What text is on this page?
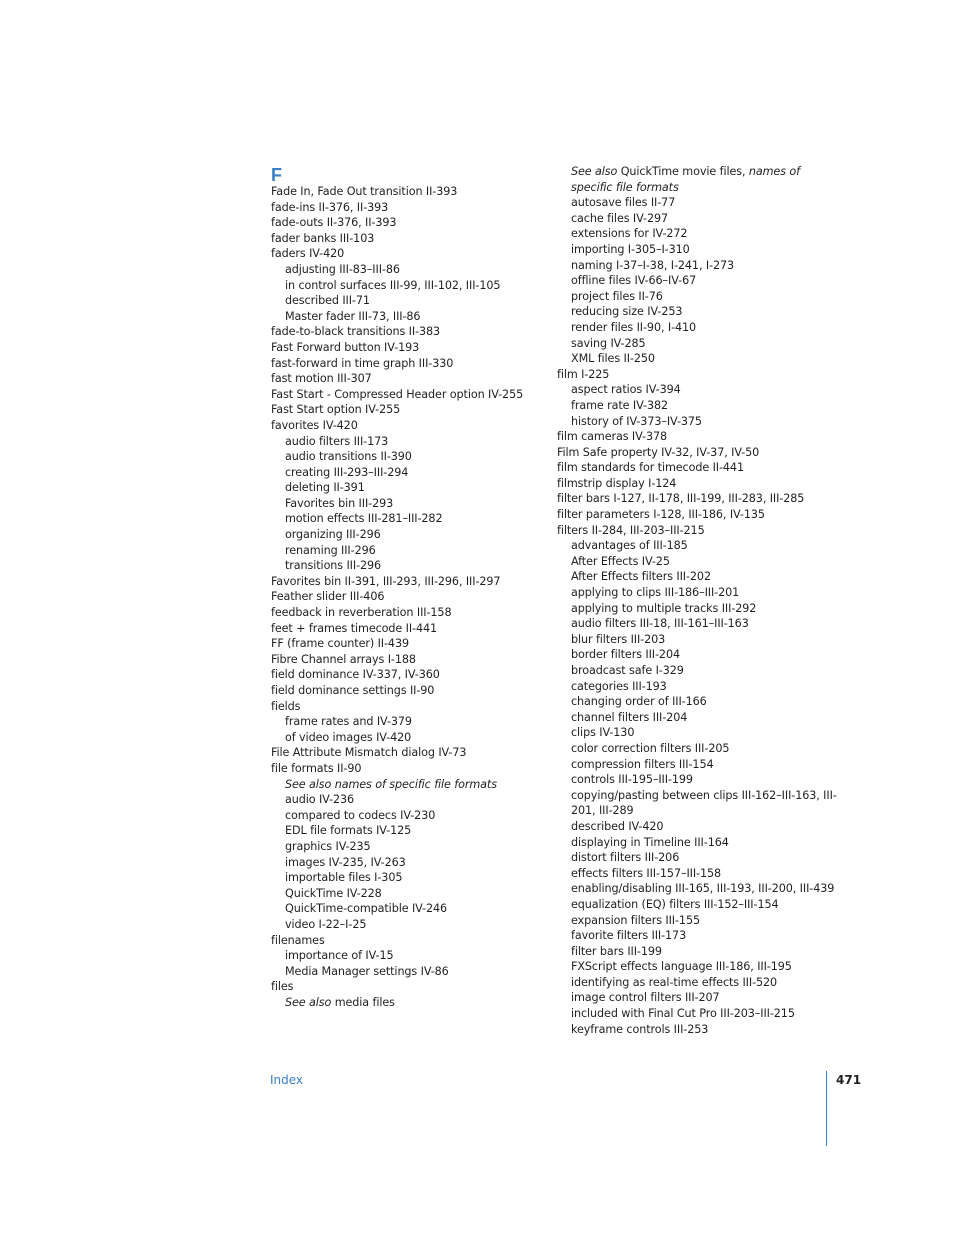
F
Fade In, Fade Out transition II-393
fade-ins II-376, II-393
fade-outs II-376, II-393
fader banks III-103
faders IV-420
adjusting III-83–III-86
in control surfaces III-99, III-102, III-105
described III-71
Master fader III-73, III-86
fade-to-black transitions II-383
Fast Forward button IV-193
fast-forward in time graph III-330
fast motion III-307
Fast Start - Compressed Header option IV-255
Fast Start option IV-255
favorites IV-420
audio filters III-173
audio transitions II-390
creating III-293–III-294
deleting II-391
Favorites bin III-293
motion effects III-281–III-282
organizing III-296
renaming III-296
transitions III-296
Favorites bin II-391, III-293, III-296, III-297
Feather slider III-406
feedback in reverberation III-158
feet + frames timecode II-441
FF (frame counter) II-439
Fibre Channel arrays I-188
field dominance IV-337, IV-360
field dominance settings II-90
fields
frame rates and IV-379
of video images IV-420
File Attribute Mismatch dialog IV-73
file formats II-90
See also names of specific file formats
audio IV-236
compared to codecs IV-230
EDL file formats IV-125
graphics IV-235
images IV-235, IV-263
importable files I-305
QuickTime IV-228
QuickTime-compatible IV-246
video I-22–I-25
filenames
importance of IV-15
Media Manager settings IV-86
files
See also media files
See also QuickTime movie files, names of specific file formats
autosave files II-77
cache files IV-297
extensions for IV-272
importing I-305–I-310
naming I-37–I-38, I-241, I-273
offline files IV-66–IV-67
project files II-76
reducing size IV-253
render files II-90, I-410
saving IV-285
XML files II-250
film I-225
aspect ratios IV-394
frame rate IV-382
history of IV-373–IV-375
film cameras IV-378
Film Safe property IV-32, IV-37, IV-50
film standards for timecode II-441
filmstrip display I-124
filter bars I-127, II-178, III-199, III-283, III-285
filter parameters I-128, III-186, IV-135
filters II-284, III-203–III-215
advantages of III-185
After Effects IV-25
After Effects filters III-202
applying to clips III-186–III-201
applying to multiple tracks III-292
audio filters III-18, III-161–III-163
blur filters III-203
border filters III-204
broadcast safe I-329
categories III-193
changing order of III-166
channel filters III-204
clips IV-130
color correction filters III-205
compression filters III-154
controls III-195–III-199
copying/pasting between clips III-162–III-163, III-201, III-289
described IV-420
displaying in Timeline III-164
distort filters III-206
effects filters III-157–III-158
enabling/disabling III-165, III-193, III-200, III-439
equalization (EQ) filters III-152–III-154
expansion filters III-155
favorite filters III-173
filter bars III-199
FXScript effects language III-186, III-195
identifying as real-time effects III-520
image control filters III-207
included with Final Cut Pro III-203–III-215
keyframe controls III-253
Index	471
